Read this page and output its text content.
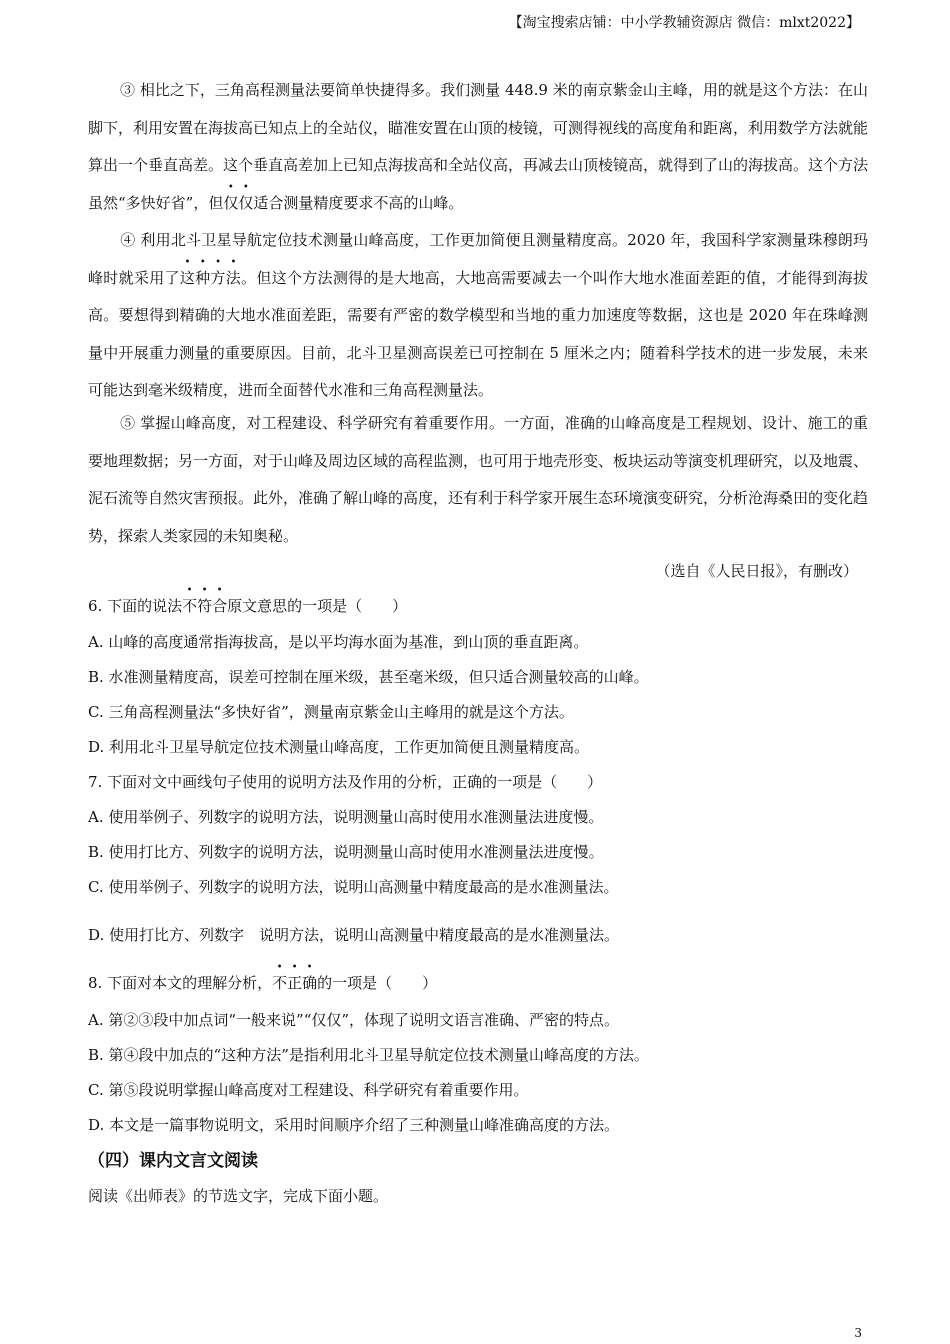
【淘宝搜索店铺：中小学教辅资源店 微信：mlxt2022】
③ 相比之下，三角高程测量法要简单快捷得多。我们测量 448.9 米的南京紫金山主峰，用的就是这个方法：在山脚下，利用安置在海拔高已知点上的全站仪，瞄准安置在山顶的棱镜，可测得视线的高度角和距离，利用数学方法就能算出一个垂直高差。这个垂直高差加上已知点海拔高和全站仪高，再减去山顶棱镜高，就得到了山的海拔高。这个方法虽然“多快好省”，但仅仅适合测量精度要求不高的山峰。
④ 利用北斗卫星导航定位技术测量山峰高度，工作更加简便且测量精度高。2020 年，我国科学家测量珠穆朗玛峰时就采用了这种方法。但这个方法测得的是大地高，大地高需要减去一个叫作大地水准面差距的值，才能得到海拔高。要想得到精确的大地水准面差距，需要有严密的数学模型和当地的重力加速度等数据，这也是 2020 年在珠峰测量中开展重力测量的重要原因。目前，北斗卫星测高误差已可控制在 5 厘米之内；随着科学技术的进一步发展，未来可能达到毫米级精度，进而全面替代水准和三角高程测量法。
⑤ 掌握山峰高度，对工程建设、科学研究有着重要作用。一方面，准确的山峰高度是工程规划、设计、施工的重要地理数据；另一方面，对于山峰及周边区域的高程监测，也可用于地壳形变、板块运动等演变机理研究，以及地震、泥石流等自然灾害预报。此外，准确了解山峰的高度，还有利于科学家开展生态环境演变研究，分析沧海桑田的变化趋势，探索人类家园的未知奥秘。
（选自《人民日报》，有删改）
6. 下面的说法不符合原文意思的一项是（　　）
A. 山峰的高度通常指海拔高，是以平均海水面为基准，到山顶的垂直距离。
B. 水准测量精度高，误差可控制在厘米级，甚至毫米级，但只适合测量较高的山峰。
C. 三角高程测量法“多快好省”，测量南京紫金山主峰用的就是这个方法。
D. 利用北斗卫星导航定位技术测量山峰高度，工作更加简便且测量精度高。
7. 下面对文中画线句子使用的说明方法及作用的分析，正确的一项是（　　）
A. 使用举例子、列数字的说明方法，说明测量山高时使用水准测量法进度慢。
B. 使用打比方、列数字的说明方法，说明测量山高时使用水准测量法进度慢。
C. 使用举例子、列数字的说明方法，说明山高测量中精度最高的是水准测量法。
D. 使用打比方、列数字　说明方法，说明山高测量中精度最高的是水准测量法。
8. 下面对本文的理解分析，不正确的一项是（　　）
A. 第②③段中加点词“一般来说”“仅仅”，体现了说明文语言准确、严密的特点。
B. 第④段中加点的“这种方法”是指利用北斗卫星导航定位技术测量山峰高度的方法。
C. 第⑤段说明掌握山峰高度对工程建设、科学研究有着重要作用。
D. 本文是一篇事物说明文，采用时间顺序介绍了三种测量山峰准确高度的方法。
（四）课内文言文阅读
阅读《出师表》的节选文字，完成下面小题。
3
